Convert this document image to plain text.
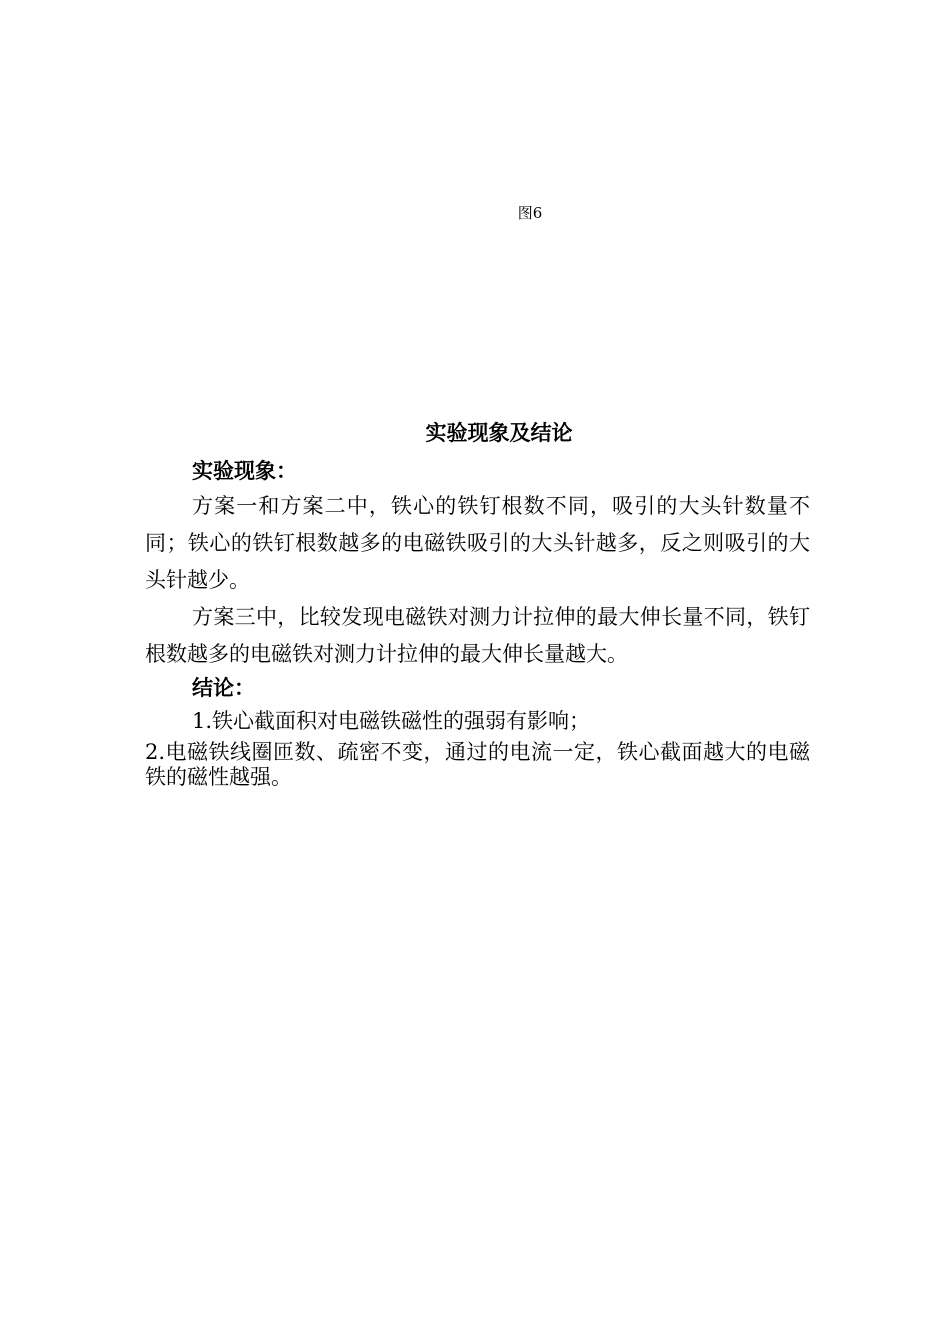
图6
实验现象及结论

实验现象：

方案一和方案二中，铁心的铁钉根数不同，吸引的大头针数量不同；铁心的铁钉根数越多的电磁铁吸引的大头针越多，反之则吸引的大头针越少。

方案三中，比较发现电磁铁对测力计拉伸的最大伸长量不同，铁钉根数越多的电磁铁对测力计拉伸的最大伸长量越大。

结论：

1.铁心截面积对电磁铁磁性的强弱有影响；

2.电磁铁线圈匝数、疏密不变，通过的电流一定，铁心截面越大的电磁铁的磁性越强。
